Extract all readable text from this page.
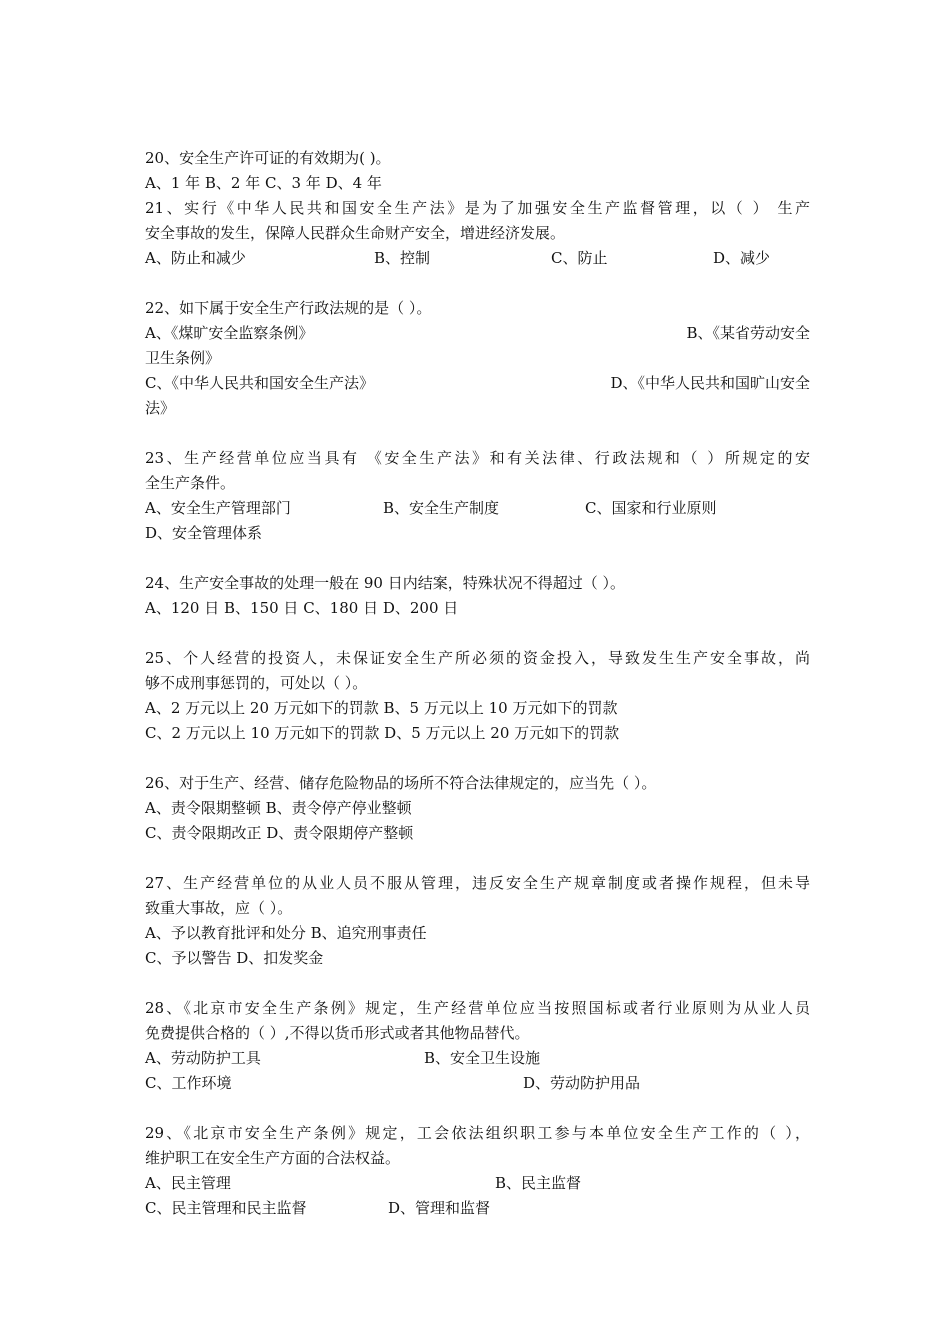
20、安全生产许可证的有效期为( )。
A、1 年 B、2 年 C、3 年 D、4 年
21、实行《中华人民共和国安全生产法》是为了加强安全生产监督管理，以（ ） 生产
安全事故的发生，保障人民群众生命财产安全，增进经济发展。
A、防止和减少	B、控制	C、防止	D、减少
22、如下属于安全生产行政法规的是（ ）。
A、《煤旷安全监察条例》	B、《某省劳动安全
卫生条例》
C、《中华人民共和国安全生产法》	D、《中华人民共和国旷山安全
法》
23、生产经营单位应当具有 《安全生产法》和有关法律、行政法规和（ ）所规定的安
全生产条件。
A、安全生产管理部门	B、安全生产制度	C、国家和行业原则
D、安全管理体系
24、生产安全事故的处理一般在 90 日内结案，特殊状况不得超过（ ）。
A、120 日 B、150 日 C、180 日 D、200 日
25、个人经营的投资人，未保证安全生产所必须的资金投入，导致发生生产安全事故，尚
够不成刑事惩罚的，可处以（ ）。
A、2 万元以上 20 万元如下的罚款 B、5 万元以上 10 万元如下的罚款
C、2 万元以上 10 万元如下的罚款 D、5 万元以上 20 万元如下的罚款
26、对于生产、经营、储存危险物品的场所不符合法律规定的，应当先（ ）。
A、责令限期整顿 B、责令停产停业整顿
C、责令限期改正 D、责令限期停产整顿
27、生产经营单位的从业人员不服从管理，违反安全生产规章制度或者操作规程，但未导
致重大事故，应（ ）。
A、予以教育批评和处分 B、追究刑事责任
C、予以警告 D、扣发奖金
28、《北京市安全生产条例》规定，生产经营单位应当按照国标或者行业原则为从业人员
免费提供合格的（ ）,不得以货币形式或者其他物品替代。
A、劳动防护工具	B、安全卫生设施
C、工作环境	D、劳动防护用品
29、《北京市安全生产条例》规定，工会依法组织职工参与本单位安全生产工作的（ ），
维护职工在安全生产方面的合法权益。
A、民主管理	B、民主监督
C、民主管理和民主监督	D、管理和监督
